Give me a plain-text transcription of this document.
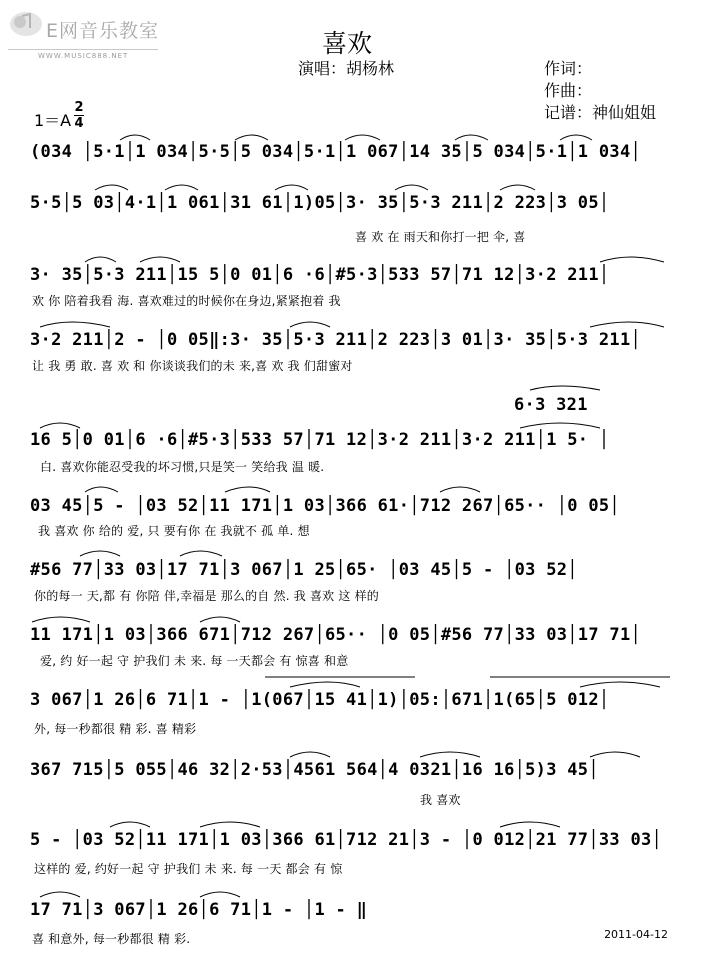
E网音乐教室
WWW.MUSIC888.NET	喜欢
演唱：胡杨林	作词：
作曲：
记谱：神仙姐姐
1＝A
2
4
(034 │5·1│1 034│5·5│5 034│5·1│1 067│14 35│5 034│5·1│1 034│
5·5│5 03│4·1│1 061│31 61│1)05│3· 35│5·3 211│2 223│3 05│
喜 欢 在 雨天和你打一把 伞, 喜
3· 35│5·3 211│15 5│0 01│6 ·6│#5·3│533 57│71 12│3·2 211│
欢 你 陪着我看 海. 喜欢难过的时候你在身边,紧紧抱着 我
3·2 211│2 - │0 05‖:3· 35│5·3 211│2 223│3 01│3· 35│5·3 211│
让 我 勇 敢. 喜 欢 和 你谈谈我们的未 来,喜 欢 我 们甜蜜对
6·3 321
16 5│0 01│6 ·6│#5·3│533 57│71 12│3·2 211│3·2 211│1 5· │
白. 喜欢你能忍受我的坏习惯,只是笑一 笑给我 温 暖.
03 45│5 - │03 52│11 171│1 03│366 61·│712 267│65·· │0 05│
我 喜欢 你 给的 爱, 只 要有你 在 我就不 孤 单. 想
#56 77│33 03│17 71│3 067│1 25│65· │03 45│5 - │03 52│
你的每一 天,都 有 你陪 伴,幸福是 那么的自 然. 我 喜欢 这 样的
11 171│1 03│366 671│712 267│65·· │0 05│#56 77│33 03│17 71│
爱, 约 好一起 守 护我们 未 来. 每 一天都会 有 惊喜 和意
3 067│1 26│6 71│1 - │1(067│15 41│1)│05:│671│1(65│5 012│
外, 每一秒都很 精 彩. 喜 精彩
367 715│5 055│46 32│2·53│4561 564│4 0321│16 16│5)3 45│
我 喜欢
5 - │03 52│11 171│1 03│366 61│712 21│3 - │0 012│21 77│33 03│
这样的 爱, 约好一起 守 护我们 未 来. 每 一天 都会 有 惊
17 71│3 067│1 26│6 71│1 - │1 - ‖
喜 和意外, 每一秒都很 精 彩.	2011-04-12
